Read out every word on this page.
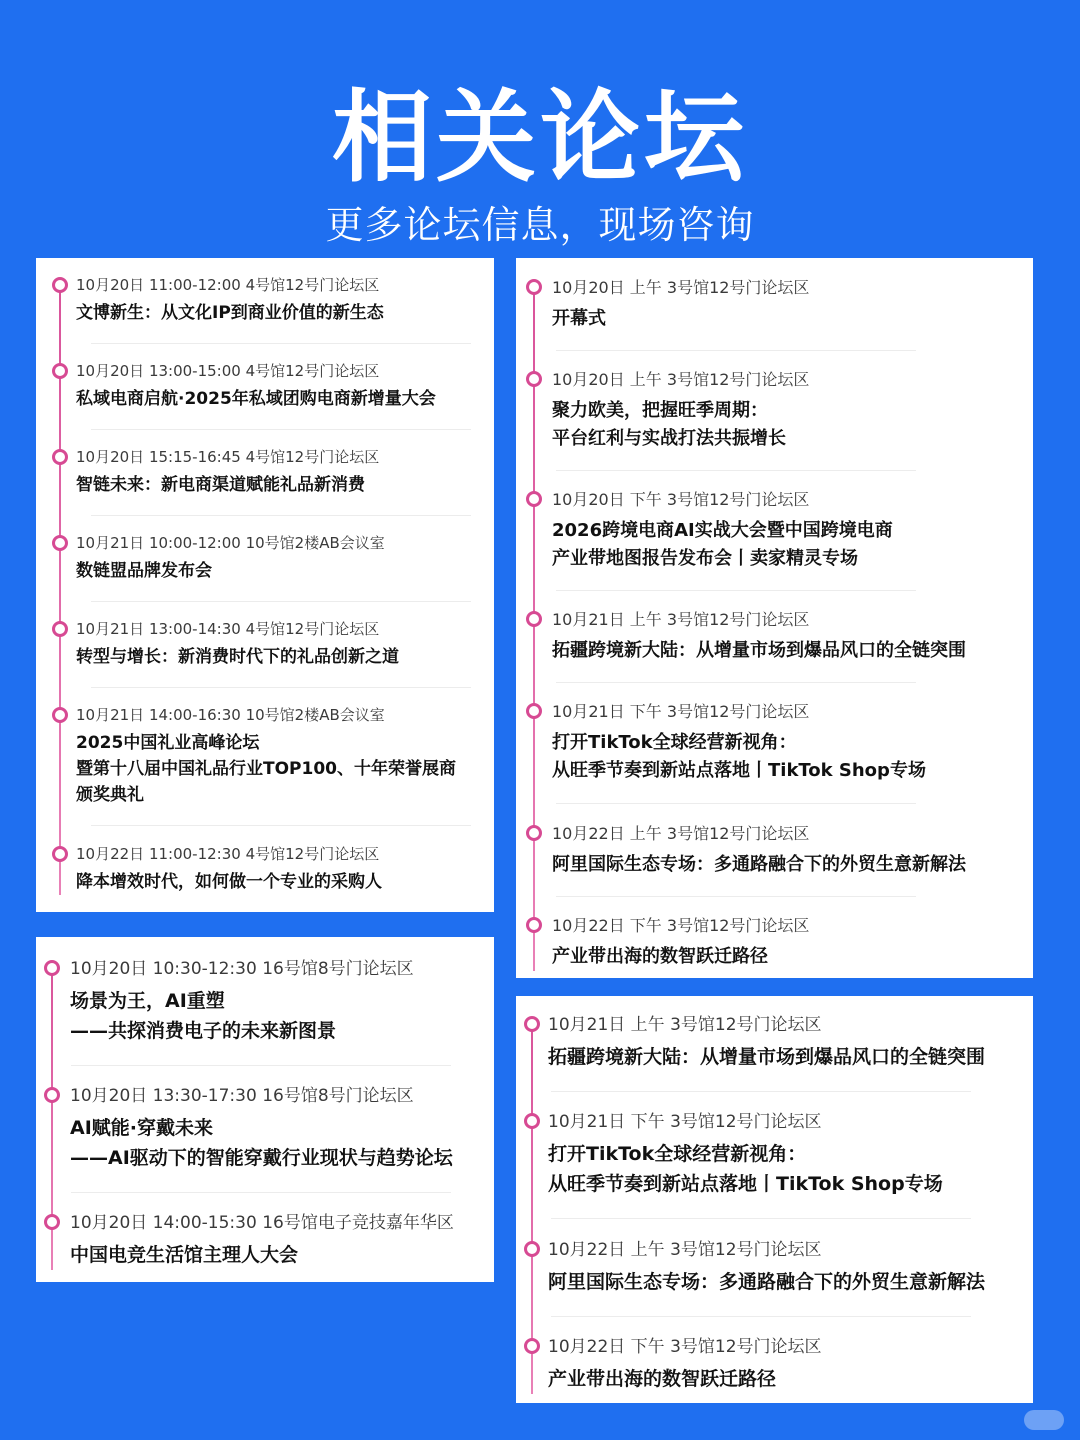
相关论坛
更多论坛信息，现场咨询
10月20日 11:00-12:00 4号馆12号门论坛区
文博新生：从文化IP到商业价值的新生态
10月20日 13:00-15:00 4号馆12号门论坛区
私域电商启航·2025年私域团购电商新增量大会
10月20日 15:15-16:45 4号馆12号门论坛区
智链未来：新电商渠道赋能礼品新消费
10月21日 10:00-12:00 10号馆2楼AB会议室
数链盟品牌发布会
10月21日 13:00-14:30 4号馆12号门论坛区
转型与增长：新消费时代下的礼品创新之道
10月21日 14:00-16:30 10号馆2楼AB会议室
2025中国礼业高峰论坛
暨第十八届中国礼品行业TOP100、十年荣誉展商
颁奖典礼
10月22日 11:00-12:30 4号馆12号门论坛区
降本增效时代，如何做一个专业的采购人
10月20日 上午 3号馆12号门论坛区
开幕式
10月20日 上午 3号馆12号门论坛区
聚力欧美，把握旺季周期：
平台红利与实战打法共振增长
10月20日 下午 3号馆12号门论坛区
2026跨境电商AI实战大会暨中国跨境电商
产业带地图报告发布会丨卖家精灵专场
10月21日 上午 3号馆12号门论坛区
拓疆跨境新大陆：从增量市场到爆品风口的全链突围
10月21日 下午 3号馆12号门论坛区
打开TikTok全球经营新视角：
从旺季节奏到新站点落地丨TikTok Shop专场
10月22日 上午 3号馆12号门论坛区
阿里国际生态专场：多通路融合下的外贸生意新解法
10月22日 下午 3号馆12号门论坛区
产业带出海的数智跃迁路径
10月20日 10:30-12:30 16号馆8号门论坛区
场景为王，AI重塑
——共探消费电子的未来新图景
10月20日 13:30-17:30 16号馆8号门论坛区
AI赋能·穿戴未来
——AI驱动下的智能穿戴行业现状与趋势论坛
10月20日 14:00-15:30 16号馆电子竞技嘉年华区
中国电竞生活馆主理人大会
10月21日 上午 3号馆12号门论坛区
拓疆跨境新大陆：从增量市场到爆品风口的全链突围
10月21日 下午 3号馆12号门论坛区
打开TikTok全球经营新视角：
从旺季节奏到新站点落地丨TikTok Shop专场
10月22日 上午 3号馆12号门论坛区
阿里国际生态专场：多通路融合下的外贸生意新解法
10月22日 下午 3号馆12号门论坛区
产业带出海的数智跃迁路径
